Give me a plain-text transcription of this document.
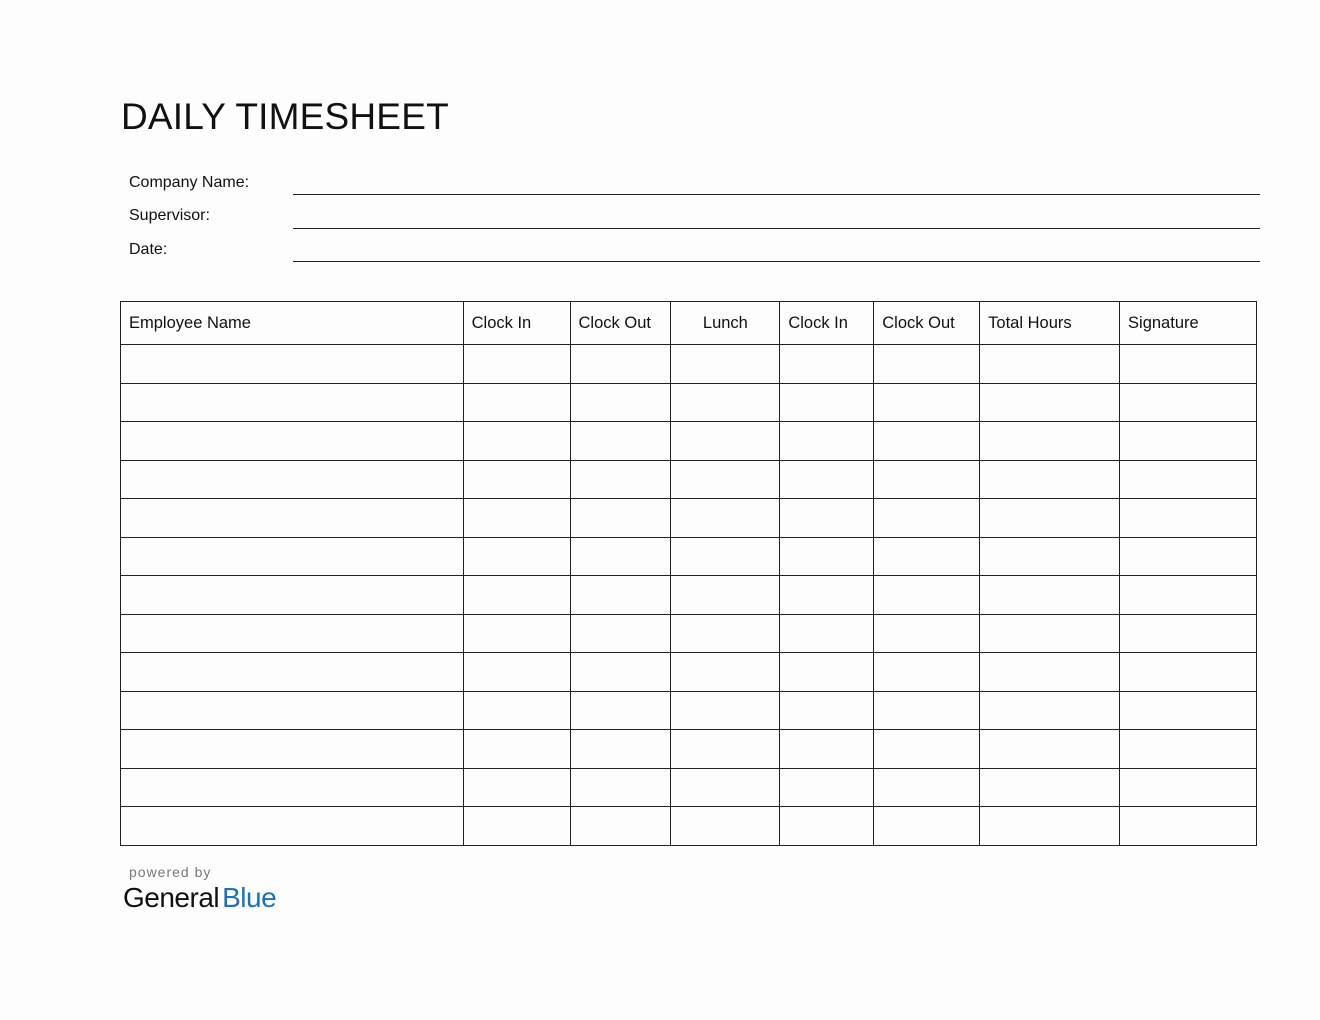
DAILY TIMESHEET
Company Name:
Supervisor:
Date:
Employee Name	Clock In	Clock Out	Lunch	Clock In	Clock Out	Total Hours	Signature

powered by
General Blue
